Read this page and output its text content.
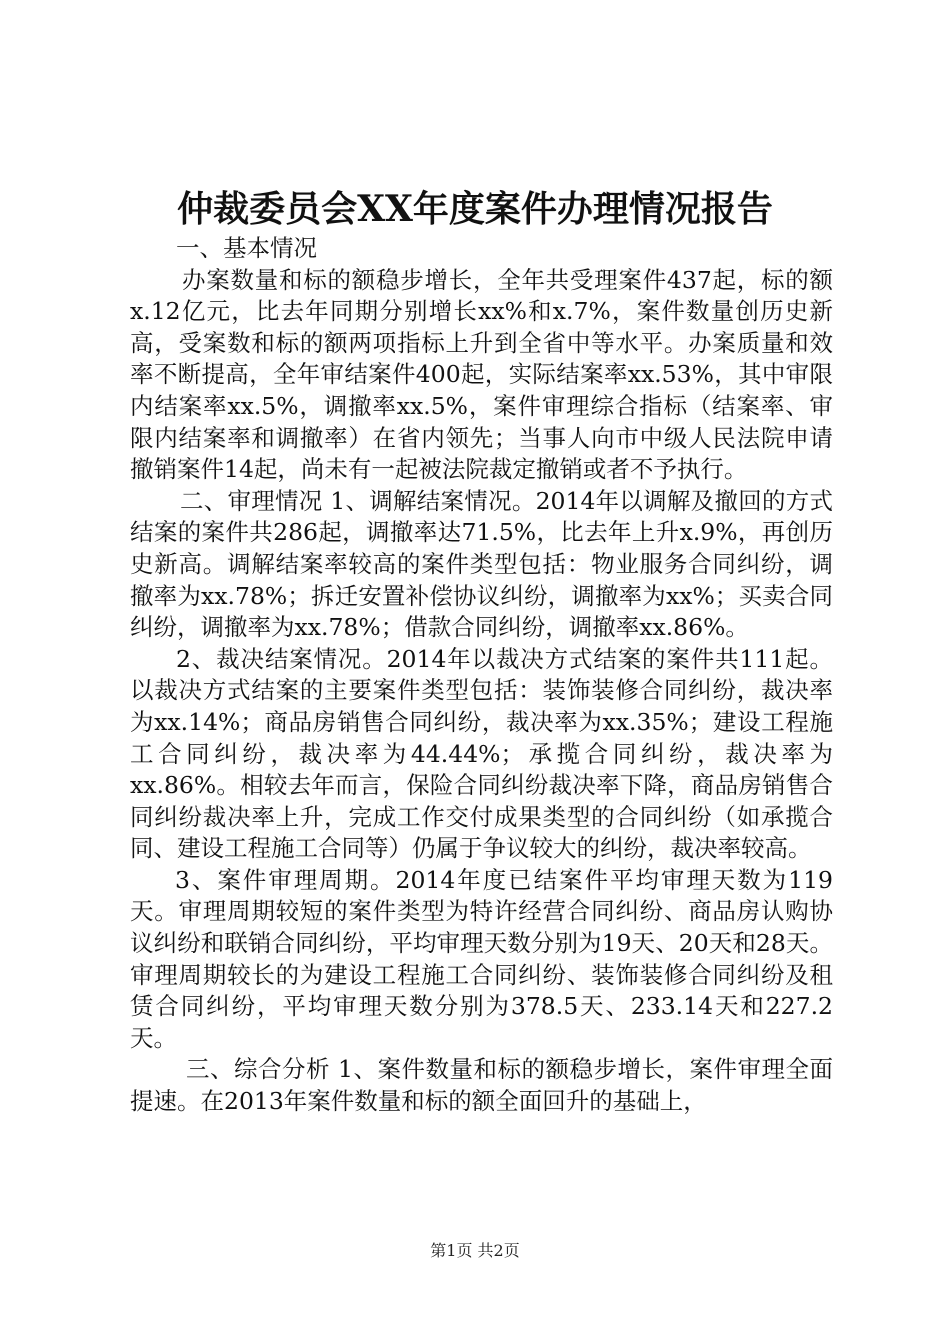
仲裁委员会XX年度案件办理情况报告

一、基本情况

办案数量和标的额稳步增长，全年共受理案件437起，标的额x.12亿元，比去年同期分别增长xx%和x.7%，案件数量创历史新高，受案数和标的额两项指标上升到全省中等水平。办案质量和效率不断提高，全年审结案件400起，实际结案率xx.53%，其中审限内结案率xx.5%，调撤率xx.5%，案件审理综合指标（结案率、审限内结案率和调撤率）在省内领先；当事人向市中级人民法院申请撤销案件14起，尚未有一起被法院裁定撤销或者不予执行。

二、审理情况 1、调解结案情况。2014年以调解及撤回的方式结案的案件共286起，调撤率达71.5%，比去年上升x.9%，再创历史新高。调解结案率较高的案件类型包括：物业服务合同纠纷，调撤率为xx.78%；拆迁安置补偿协议纠纷，调撤率为xx%；买卖合同纠纷，调撤率为xx.78%；借款合同纠纷，调撤率xx.86%。

2、裁决结案情况。2014年以裁决方式结案的案件共111起。以裁决方式结案的主要案件类型包括：装饰装修合同纠纷，裁决率为xx.14%；商品房销售合同纠纷，裁决率为xx.35%；建设工程施工合同纠纷，裁决率为44.44%；承揽合同纠纷，裁决率为xx.86%。相较去年而言，保险合同纠纷裁决率下降，商品房销售合同纠纷裁决率上升，完成工作交付成果类型的合同纠纷（如承揽合同、建设工程施工合同等）仍属于争议较大的纠纷，裁决率较高。

3、案件审理周期。2014年度已结案件平均审理天数为119天。审理周期较短的案件类型为特许经营合同纠纷、商品房认购协议纠纷和联销合同纠纷，平均审理天数分别为19天、20天和28天。审理周期较长的为建设工程施工合同纠纷、装饰装修合同纠纷及租赁合同纠纷，平均审理天数分别为378.5天、233.14天和227.2天。

三、综合分析 1、案件数量和标的额稳步增长，案件审理全面提速。在2013年案件数量和标的额全面回升的基础上，

第1页 共2页
